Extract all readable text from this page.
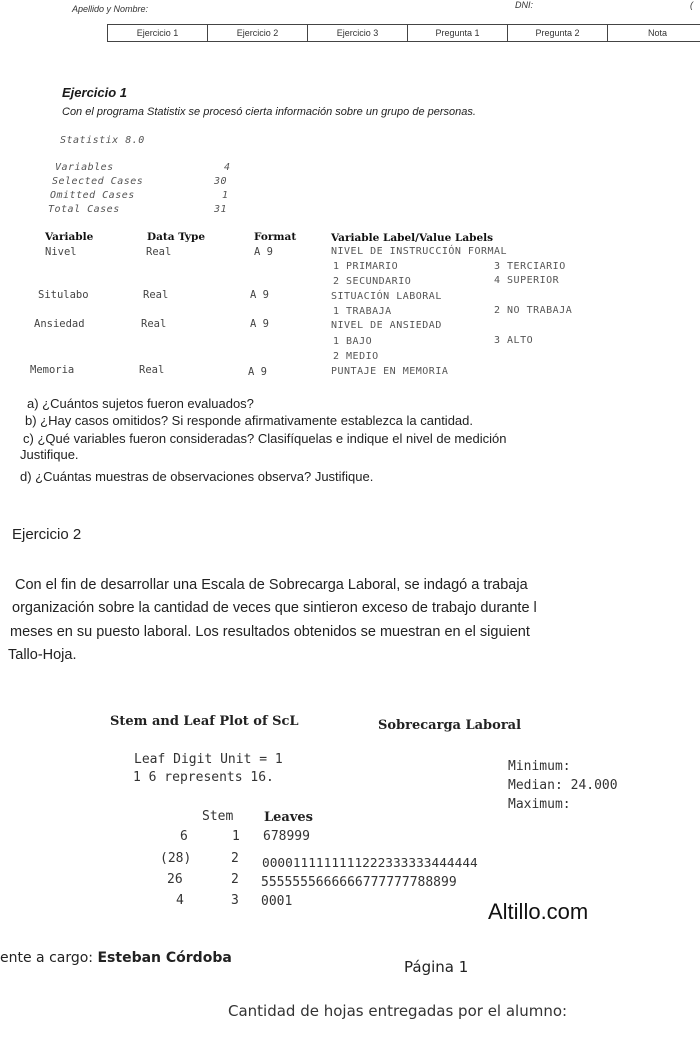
Apellido y Nombre:	DNI:	(
Ejercicio 1	Ejercicio 2	Ejercicio 3	Pregunta 1	Pregunta 2	Nota
Ejercicio 1
Con el programa Statistix se procesó cierta información sobre un grupo de personas.
Statistix 8.0
Variables	4
Selected Cases	30
Omitted Cases	1
Total Cases	31
Variable	Data Type	Format	Variable Label/Value Labels
Nivel	Real	A 9	NIVEL DE INSTRUCCIÓN FORMAL
1 PRIMARIO	3 TERCIARIO
2 SECUNDARIO	4 SUPERIOR
Situlabo	Real	A 9	SITUACIÓN LABORAL
1 TRABAJA	2 NO TRABAJA
Ansiedad	Real	A 9	NIVEL DE ANSIEDAD
1 BAJO	3 ALTO
2 MEDIO
Memoria	Real	A 9	PUNTAJE EN MEMORIA
a) ¿Cuántos sujetos fueron evaluados?
b) ¿Hay casos omitidos? Si responde afirmativamente establezca la cantidad.
c) ¿Qué variables fueron consideradas? Clasifíquelas e indique el nivel de medición
Justifique.
d) ¿Cuántas muestras de observaciones observa? Justifique.
Ejercicio 2
Con el fin de desarrollar una Escala de Sobrecarga Laboral, se indagó a trabaja
organización sobre la cantidad de veces que sintieron exceso de trabajo durante l
meses en su puesto laboral. Los resultados obtenidos se muestran en el siguient
Tallo-Hoja.
Stem and Leaf Plot of ScL	Sobrecarga Laboral
Leaf Digit Unit = 1
1 6 represents 16.
Minimum:
Median: 24.000
Maximum:
Stem Leaves
6	1 678999
(28)	2 0000111111111222333333444444
26	2 5555555666666777777788899
4	3 0001	Altillo.com
ente a cargo: Esteban Córdoba	Página 1
Cantidad de hojas entregadas por el alumno:
